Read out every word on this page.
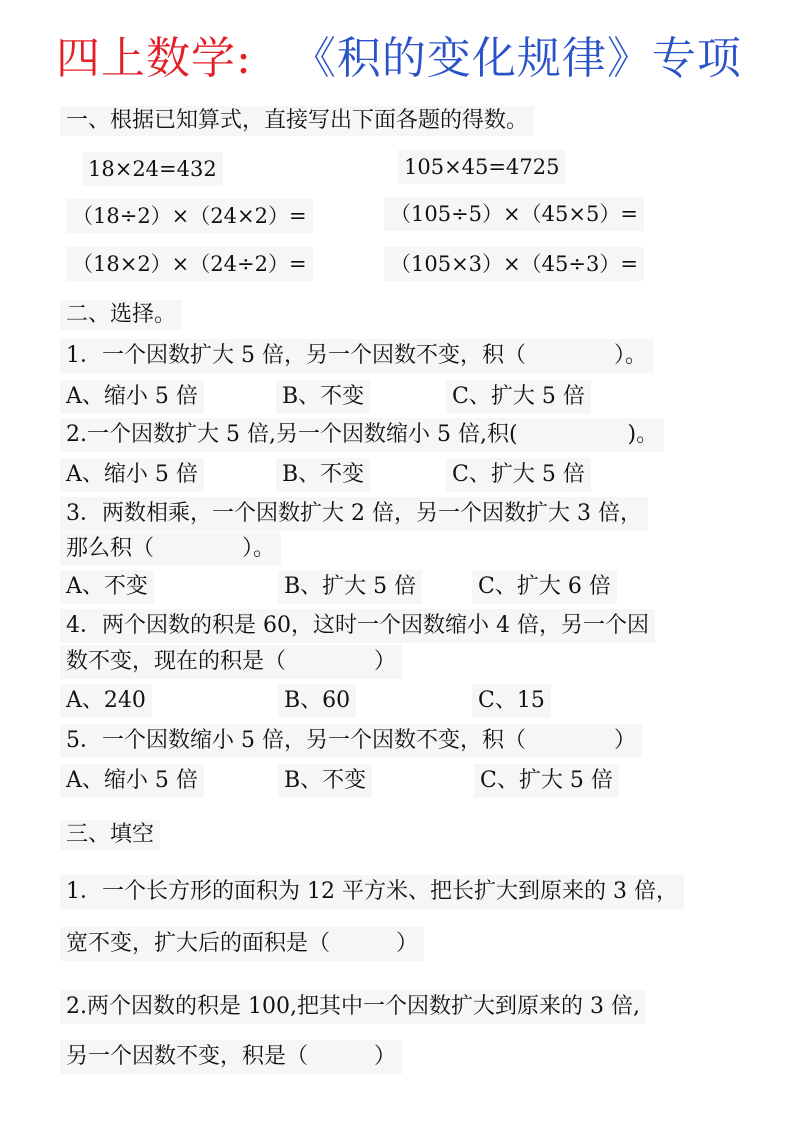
四上数学: 《积的变化规律》专项
一、根据已知算式，直接写出下面各题的得数。
18×24=432	105×45=4725
（18÷2）×（24×2）=	（105÷5）×（45×5）=
（18×2）×（24÷2）=	（105×3）×（45÷3）=
二、选择。
1．一个因数扩大 5 倍，另一个因数不变，积（　　　　）。
A、缩小 5 倍	B、不变	C、扩大 5 倍
2.一个因数扩大 5 倍,另一个因数缩小 5 倍,积(　　　　　)。
A、缩小 5 倍	B、不变	C、扩大 5 倍
3．两数相乘，一个因数扩大 2 倍，另一个因数扩大 3 倍，
那么积（　　　　）。
A、不变	B、扩大 5 倍	C、扩大 6 倍
4．两个因数的积是 60，这时一个因数缩小 4 倍，另一个因
数不变，现在的积是（　　　　）
A、240	B、60	C、15
5．一个因数缩小 5 倍，另一个因数不变，积（　　　　）
A、缩小 5 倍	B、不变	C、扩大 5 倍
三、填空
1．一个长方形的面积为 12 平方米、把长扩大到原来的 3 倍，
宽不变，扩大后的面积是（　　　）
2.两个因数的积是 100,把其中一个因数扩大到原来的 3 倍,
另一个因数不变，积是（　　　）
